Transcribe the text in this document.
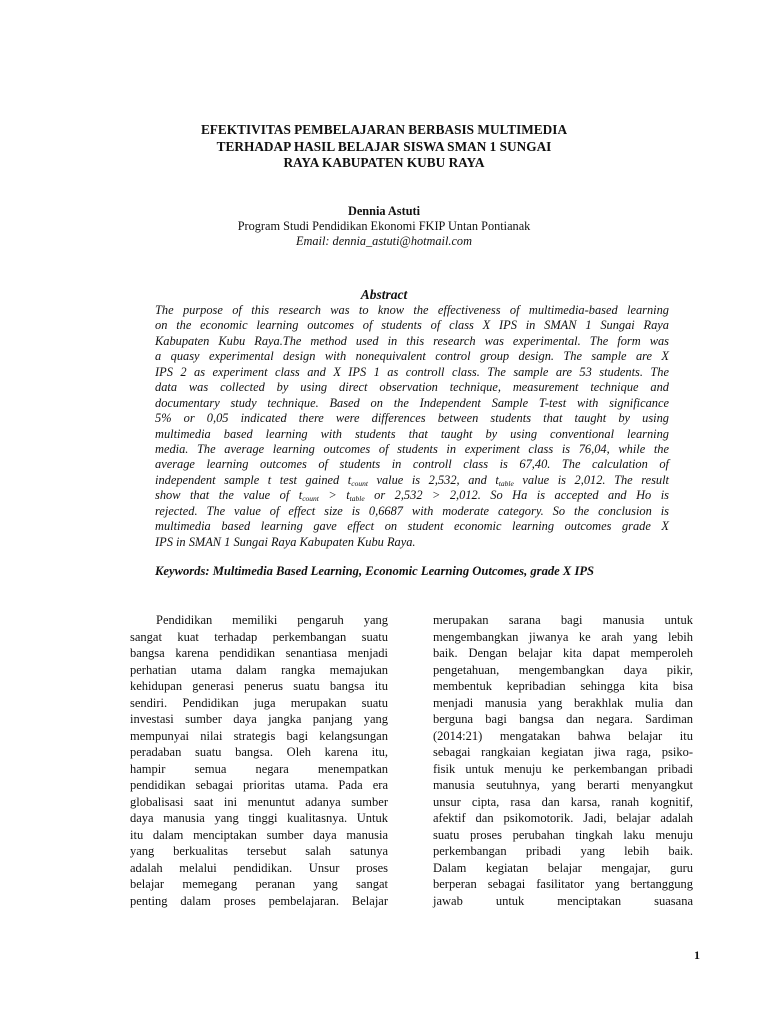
EFEKTIVITAS PEMBELAJARAN BERBASIS MULTIMEDIA
TERHADAP HASIL BELAJAR SISWA SMAN 1 SUNGAI
RAYA KABUPATEN KUBU RAYA
Dennia Astuti
Program Studi Pendidikan Ekonomi FKIP Untan Pontianak
Email: dennia_astuti@hotmail.com
Abstract
The purpose of this research was to know the effectiveness of multimedia-based learning
on the economic learning outcomes of students of class X IPS in SMAN 1 Sungai Raya
Kabupaten Kubu Raya.The method used in this research was experimental. The form was
a quasy experimental design with nonequivalent control group design. The sample are X
IPS 2 as experiment class and X IPS 1 as controll class. The sample are 53 students. The
data was collected by using direct observation technique, measurement technique and
documentary study technique. Based on the Independent Sample T-test with significance
5% or 0,05 indicated there were differences between students that taught by using
multimedia based learning with students that taught by using conventional learning
media. The average learning outcomes of students in experiment class is 76,04, while the
average learning outcomes of students in controll class is 67,40. The calculation of
independent sample t test gained $t_{count}$ value is 2,532, and $t_{table}$ value is 2,012. The result
show that the value of $t_{count} > t_{table}$ or 2,532 > 2,012. So Ha is accepted and Ho is
rejected. The value of effect size is 0,6687 with moderate category. So the conclusion is
multimedia based learning gave effect on student economic learning outcomes grade X
IPS in SMAN 1 Sungai Raya Kabupaten Kubu Raya.
Keywords: Multimedia Based Learning, Economic Learning Outcomes, grade X IPS
Pendidikan memiliki pengaruh yang
sangat kuat terhadap perkembangan suatu
bangsa karena pendidikan senantiasa menjadi
perhatian utama dalam rangka memajukan
kehidupan generasi penerus suatu bangsa itu
sendiri. Pendidikan juga merupakan suatu
investasi sumber daya jangka panjang yang
mempunyai nilai strategis bagi kelangsungan
peradaban suatu bangsa. Oleh karena itu,
hampir semua negara menempatkan
pendidikan sebagai prioritas utama. Pada era
globalisasi saat ini menuntut adanya sumber
daya manusia yang tinggi kualitasnya. Untuk
itu dalam menciptakan sumber daya manusia
yang berkualitas tersebut salah satunya
adalah melalui pendidikan. Unsur proses
belajar memegang peranan yang sangat
penting dalam proses pembelajaran. Belajar
merupakan sarana bagi manusia untuk
mengembangkan jiwanya ke arah yang lebih
baik. Dengan belajar kita dapat memperoleh
pengetahuan, mengembangkan daya pikir,
membentuk kepribadian sehingga kita bisa
menjadi manusia yang berakhlak mulia dan
berguna bagi bangsa dan negara. Sardiman
(2014:21) mengatakan bahwa belajar itu
sebagai rangkaian kegiatan jiwa raga, psiko-
fisik untuk menuju ke perkembangan pribadi
manusia seutuhnya, yang berarti menyangkut
unsur cipta, rasa dan karsa, ranah kognitif,
afektif dan psikomotorik. Jadi, belajar adalah
suatu proses perubahan tingkah laku menuju
perkembangan pribadi yang lebih baik.
Dalam kegiatan belajar mengajar, guru
berperan sebagai fasilitator yang bertanggung
jawab untuk menciptakan suasana
1
